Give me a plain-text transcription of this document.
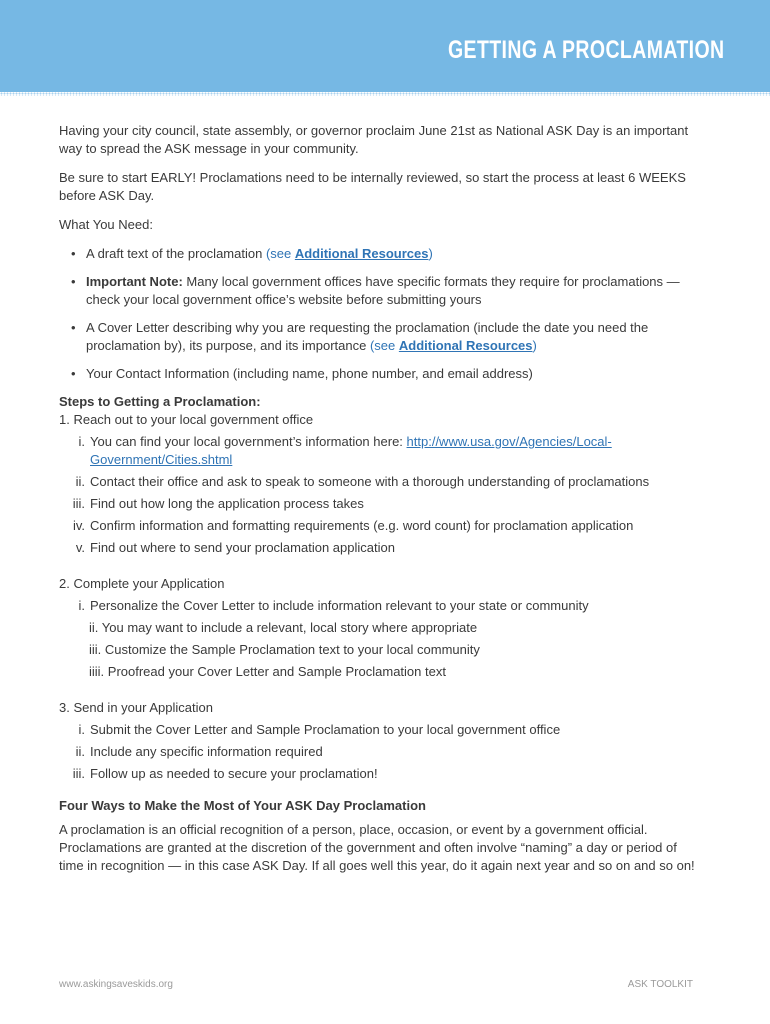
GETTING A PROCLAMATION

Having your city council, state assembly, or governor proclaim June 21st as National ASK Day is an important way to spread the ASK message in your community.

Be sure to start EARLY! Proclamations need to be internally reviewed, so start the process at least 6 WEEKS before ASK Day.

What You Need:

• A draft text of the proclamation (see Additional Resources)
• Important Note: Many local government offices have specific formats they require for proclamations — check your local government office’s website before submitting yours
• A Cover Letter describing why you are requesting the proclamation (include the date you need the proclamation by), its purpose, and its importance (see Additional Resources)
• Your Contact Information (including name, phone number, and email address)

Steps to Getting a Proclamation:

1. Reach out to your local government office

i. You can find your local government’s information here: http://www.usa.gov/Agencies/Local-Government/Cities.shtml
ii. Contact their office and ask to speak to someone with a thorough understanding of proclamations
iii. Find out how long the application process takes
iv. Confirm information and formatting requirements (e.g. word count) for proclamation application
v. Find out where to send your proclamation application

2. Complete your Application

i. Personalize the Cover Letter to include information relevant to your state or community
ii. You may want to include a relevant, local story where appropriate
iii. Customize the Sample Proclamation text to your local community
iiii. Proofread your Cover Letter and Sample Proclamation text

3. Send in your Application

i. Submit the Cover Letter and Sample Proclamation to your local government office
ii. Include any specific information required
iii. Follow up as needed to secure your proclamation!

Four Ways to Make the Most of Your ASK Day Proclamation

A proclamation is an official recognition of a person, place, occasion, or event by a government official. Proclamations are granted at the discretion of the government and often involve “naming” a day or period of time in recognition — in this case ASK Day. If all goes well this year, do it again next year and so on and so on!

www.askingsaveskids.org	ASK TOOLKIT
